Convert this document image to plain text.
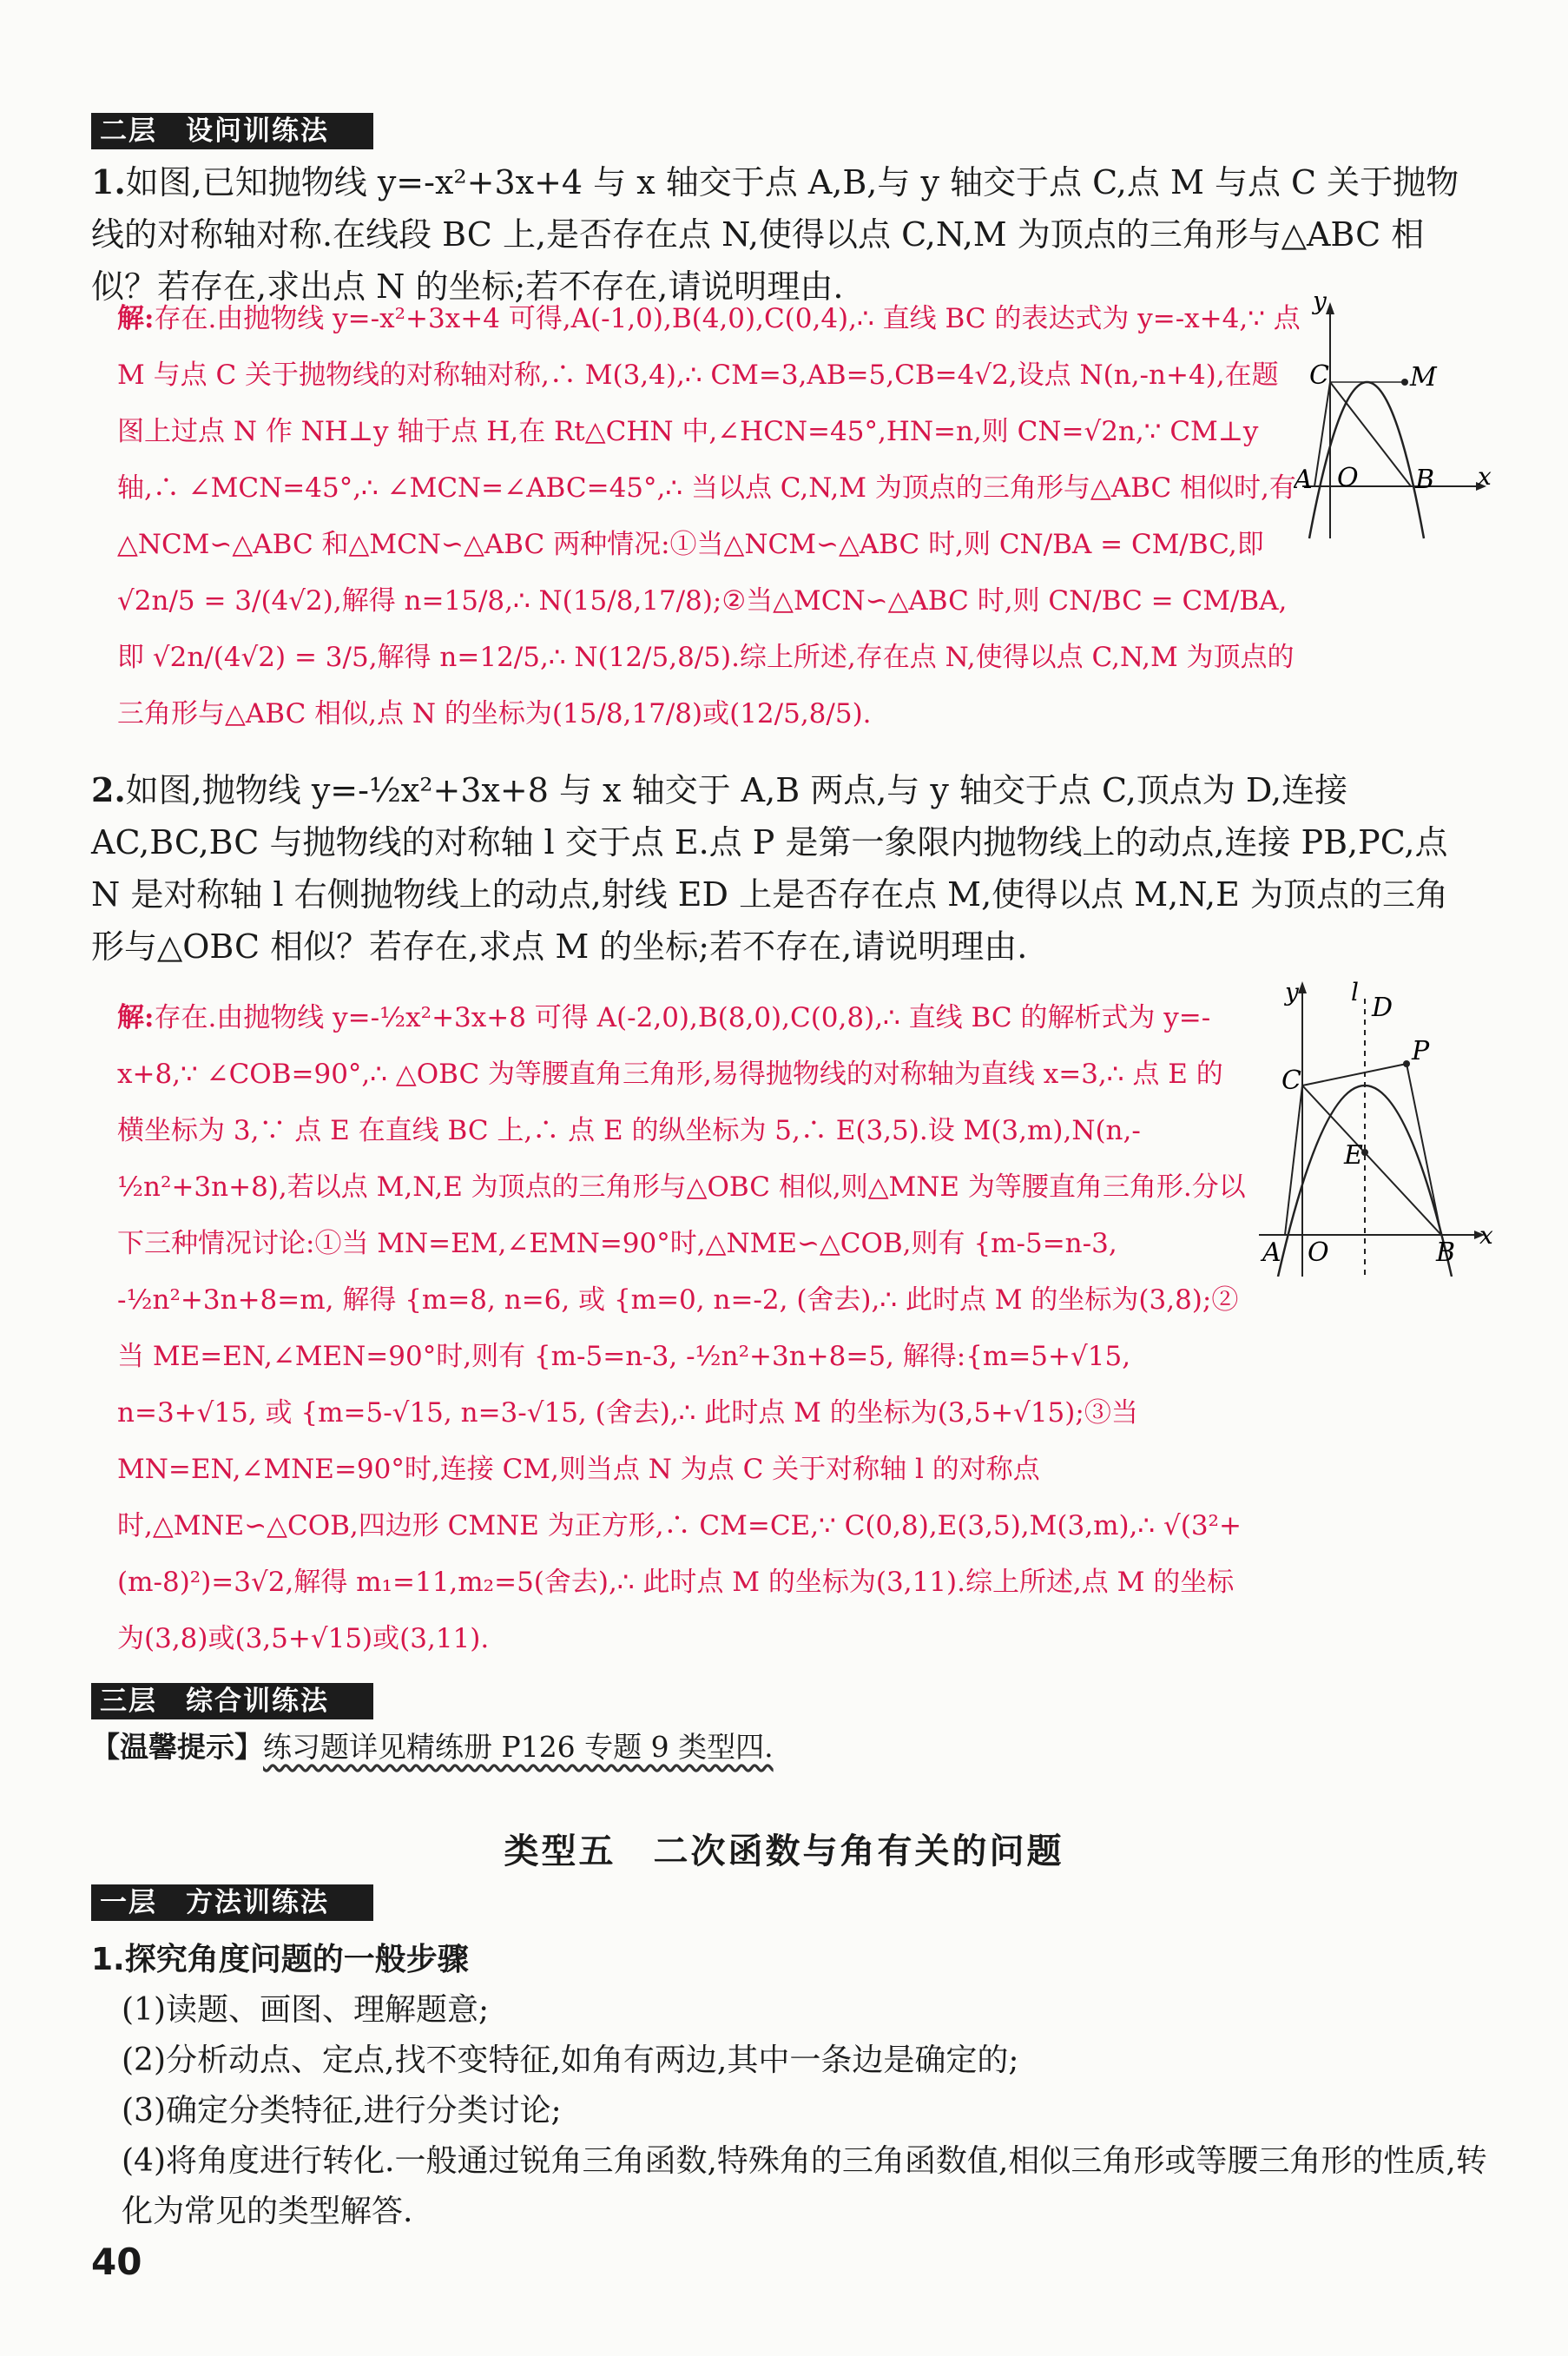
二层　设问训练法
1.如图,已知抛物线 y=-x²+3x+4 与 x 轴交于点 A,B,与 y 轴交于点 C,点 M 与点 C 关于抛物线的对称轴对称.在线段 BC 上,是否存在点 N,使得以点 C,N,M 为顶点的三角形与△ABC 相似？若存在,求出点 N 的坐标;若不存在,请说明理由.
解:存在.由抛物线 y=-x²+3x+4 可得,A(-1,0),B(4,0),C(0,4),∴ 直线 BC 的表达式为 y=-x+4,∵ 点 M 与点 C 关于抛物线的对称轴对称,∴ M(3,4),∴ CM=3,AB=5,CB=4√2,设点 N(n,-n+4),在题图上过点 N 作 NH⊥y 轴于点 H,在 Rt△CHN 中,∠HCN=45°,HN=n,则 CN=√2n,∵ CM⊥y 轴,∴ ∠MCN=45°,∴ ∠MCN=∠ABC=45°,∴ 当以点 C,N,M 为顶点的三角形与△ABC 相似时,有△NCM∽△ABC 和△MCN∽△ABC 两种情况:①当△NCM∽△ABC 时,则 CN/BA = CM/BC,即 √2n/5 = 3/(4√2),解得 n=15/8,∴ N(15/8,17/8);②当△MCN∽△ABC 时,则 CN/BC = CM/BA,即 √2n/(4√2) = 3/5,解得 n=12/5,∴ N(12/5,8/5).综上所述,存在点 N,使得以点 C,N,M 为顶点的三角形与△ABC 相似,点 N 的坐标为(15/8,17/8)或(12/5,8/5).
y
x
C	M
A O B
2.如图,抛物线 y=-½x²+3x+8 与 x 轴交于 A,B 两点,与 y 轴交于点 C,顶点为 D,连接 AC,BC,BC 与抛物线的对称轴 l 交于点 E.点 P 是第一象限内抛物线上的动点,连接 PB,PC,点 N 是对称轴 l 右侧抛物线上的动点,射线 ED 上是否存在点 M,使得以点 M,N,E 为顶点的三角形与△OBC 相似？若存在,求点 M 的坐标;若不存在,请说明理由.
解:存在.由抛物线 y=-½x²+3x+8 可得 A(-2,0),B(8,0),C(0,8),∴ 直线 BC 的解析式为 y=-x+8,∵ ∠COB=90°,∴ △OBC 为等腰直角三角形,易得抛物线的对称轴为直线 x=3,∴ 点 E 的横坐标为 3,∵ 点 E 在直线 BC 上,∴ 点 E 的纵坐标为 5,∴ E(3,5).设 M(3,m),N(n,-½n²+3n+8),若以点 M,N,E 为顶点的三角形与△OBC 相似,则△MNE 为等腰直角三角形.分以下三种情况讨论:①当 MN=EM,∠EMN=90°时,△NME∽△COB,则有 {m-5=n-3, -½n²+3n+8=m, 解得 {m=8, n=6, 或 {m=0, n=-2, (舍去),∴ 此时点 M 的坐标为(3,8);②当 ME=EN,∠MEN=90°时,则有 {m-5=n-3, -½n²+3n+8=5, 解得:{m=5+√15, n=3+√15, 或 {m=5-√15, n=3-√15, (舍去),∴ 此时点 M 的坐标为(3,5+√15);③当 MN=EN,∠MNE=90°时,连接 CM,则当点 N 为点 C 关于对称轴 l 的对称点时,△MNE∽△COB,四边形 CMNE 为正方形,∴ CM=CE,∵ C(0,8),E(3,5),M(3,m),∴ √(3²+(m-8)²)=3√2,解得 m₁=11,m₂=5(舍去),∴ 此时点 M 的坐标为(3,11).综上所述,点 M 的坐标为(3,8)或(3,5+√15)或(3,11).
y l
D
P
C
E
A O	B
x
三层　综合训练法
【温馨提示】练习题详见精练册 P126 专题 9 类型四.
类型五　二次函数与角有关的问题
一层　方法训练法
1.探究角度问题的一般步骤
(1)读题、画图、理解题意;
(2)分析动点、定点,找不变特征,如角有两边,其中一条边是确定的;
(3)确定分类特征,进行分类讨论;
(4)将角度进行转化.一般通过锐角三角函数,特殊角的三角函数值,相似三角形或等腰三角形的性质,转化为常见的类型解答.
40
